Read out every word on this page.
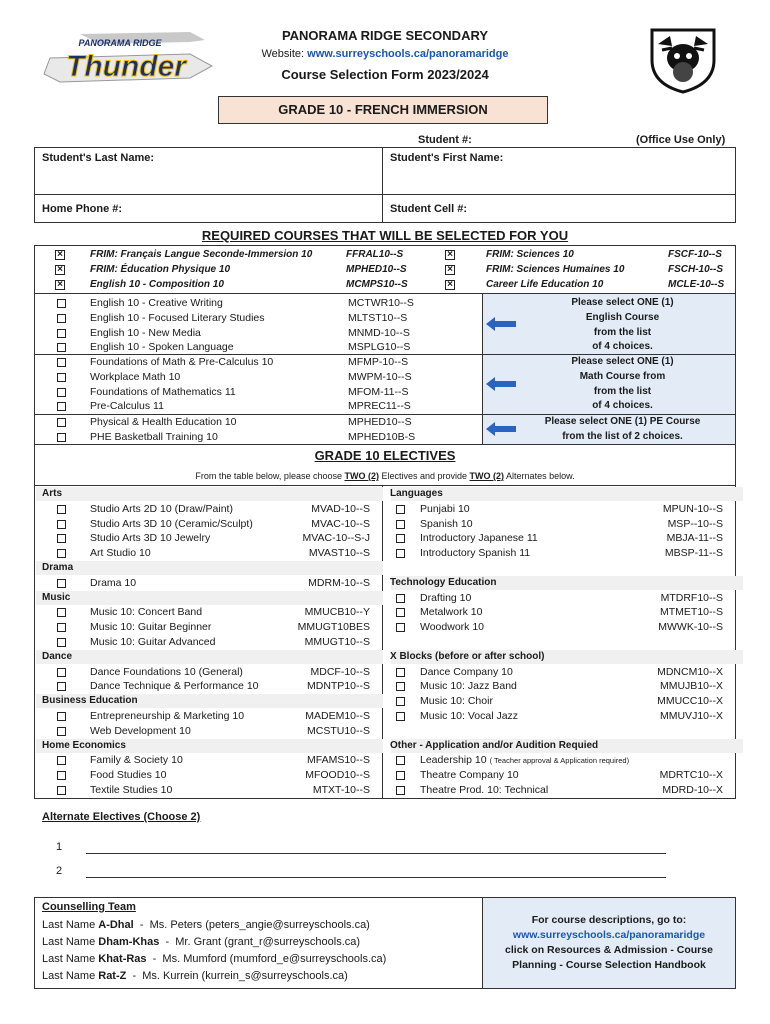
PANORAMA RIDGE
Thunder
PANORAMA RIDGE SECONDARY
Website: www.surreyschools.ca/panoramaridge
Course Selection Form 2023/2024
GRADE 10 - FRENCH IMMERSION
Student #:	(Office Use Only)
Student's Last Name:	Student's First Name:
Home Phone #:	Student Cell #:
REQUIRED COURSES THAT WILL BE SELECTED FOR YOU
×	FRIM: Français Langue Seconde-Immersion 10	FFRAL10--S
×	FRIM: Éducation Physique 10	MPHED10--S
×	English 10 - Composition 10	MCMPS10--S
×	FRIM: Sciences 10	FSCF-10--S
×	FRIM: Sciences Humaines 10	FSCH-10--S
×	Career Life Education 10	MCLE-10--S
English 10 - Creative Writing	MCTWR10--S
English 10 - Focused Literary Studies	MLTST10--S
English 10 - New Media	MNMD-10--S
English 10 - Spoken Language	MSPLG10--S
Foundations of Math & Pre-Calculus 10	MFMP-10--S
Workplace Math 10	MWPM-10--S
Foundations of Mathematics 11	MFOM-11--S
Pre-Calculus 11	MPREC11--S
Physical & Health Education 10	MPHED10--S
PHE Basketball Training 10	MPHED10B-S
Please select ONE (1)
English Course
from the list
of 4 choices.
Please select ONE (1)
Math Course from
from the list
of 4 choices.
Please select ONE (1) PE Course
from the list of 2 choices.
GRADE 10 ELECTIVES
From the table below, please choose TWO (2) Electives and provide TWO (2) Alternates below.
Arts
Studio Arts 2D 10 (Draw/Paint)	MVAD-10--S
Studio Arts 3D 10 (Ceramic/Sculpt)	MVAC-10--S
Studio Arts 3D 10 Jewelry	MVAC-10--S-J
Art Studio 10	MVAST10--S
Drama
Drama 10	MDRM-10--S
Music
Music 10: Concert Band	MMUCB10--Y
Music 10: Guitar Beginner	MMUGT10BES
Music 10: Guitar Advanced	MMUGT10--S
Dance
Dance Foundations 10 (General)	MDCF-10--S
Dance Technique & Performance 10	MDNTP10--S
Business Education
Entrepreneurship & Marketing 10	MADEM10--S
Web Development 10	MCSTU10--S
Home Economics
Family & Society 10	MFAMS10--S
Food Studies 10	MFOOD10--S
Textile Studies 10	MTXT-10--S
Languages
Punjabi 10	MPUN-10--S
Spanish 10	MSP--10--S
Introductory Japanese 11	MBJA-11--S
Introductory Spanish 11	MBSP-11--S
Technology Education
Drafting 10	MTDRF10--S
Metalwork 10	MTMET10--S
Woodwork 10	MWWK-10--S
X Blocks (before or after school)
Dance Company 10	MDNCM10--X
Music 10: Jazz Band	MMUJB10--X
Music 10: Choir	MMUCC10--X
Music 10: Vocal Jazz	MMUVJ10--X
Other - Application and/or Audition Requied
Leadership 10 ( Teacher approval & Application required)
Theatre Company 10	MDRTC10--X
Theatre Prod. 10: Technical	MDRD-10--X
Alternate Electives (Choose 2)
1
2
Counselling Team
Last Name A-Dhal  -  Ms. Peters (peters_angie@surreyschools.ca)
Last Name Dham-Khas  -  Mr. Grant (grant_r@surreyschools.ca)
Last Name Khat-Ras  -  Ms. Mumford (mumford_e@surreyschools.ca)
Last Name Rat-Z  -  Ms. Kurrein (kurrein_s@surreyschools.ca)
For course descriptions, go to:
www.surreyschools.ca/panoramaridge
click on Resources & Admission - Course
Planning - Course Selection Handbook
